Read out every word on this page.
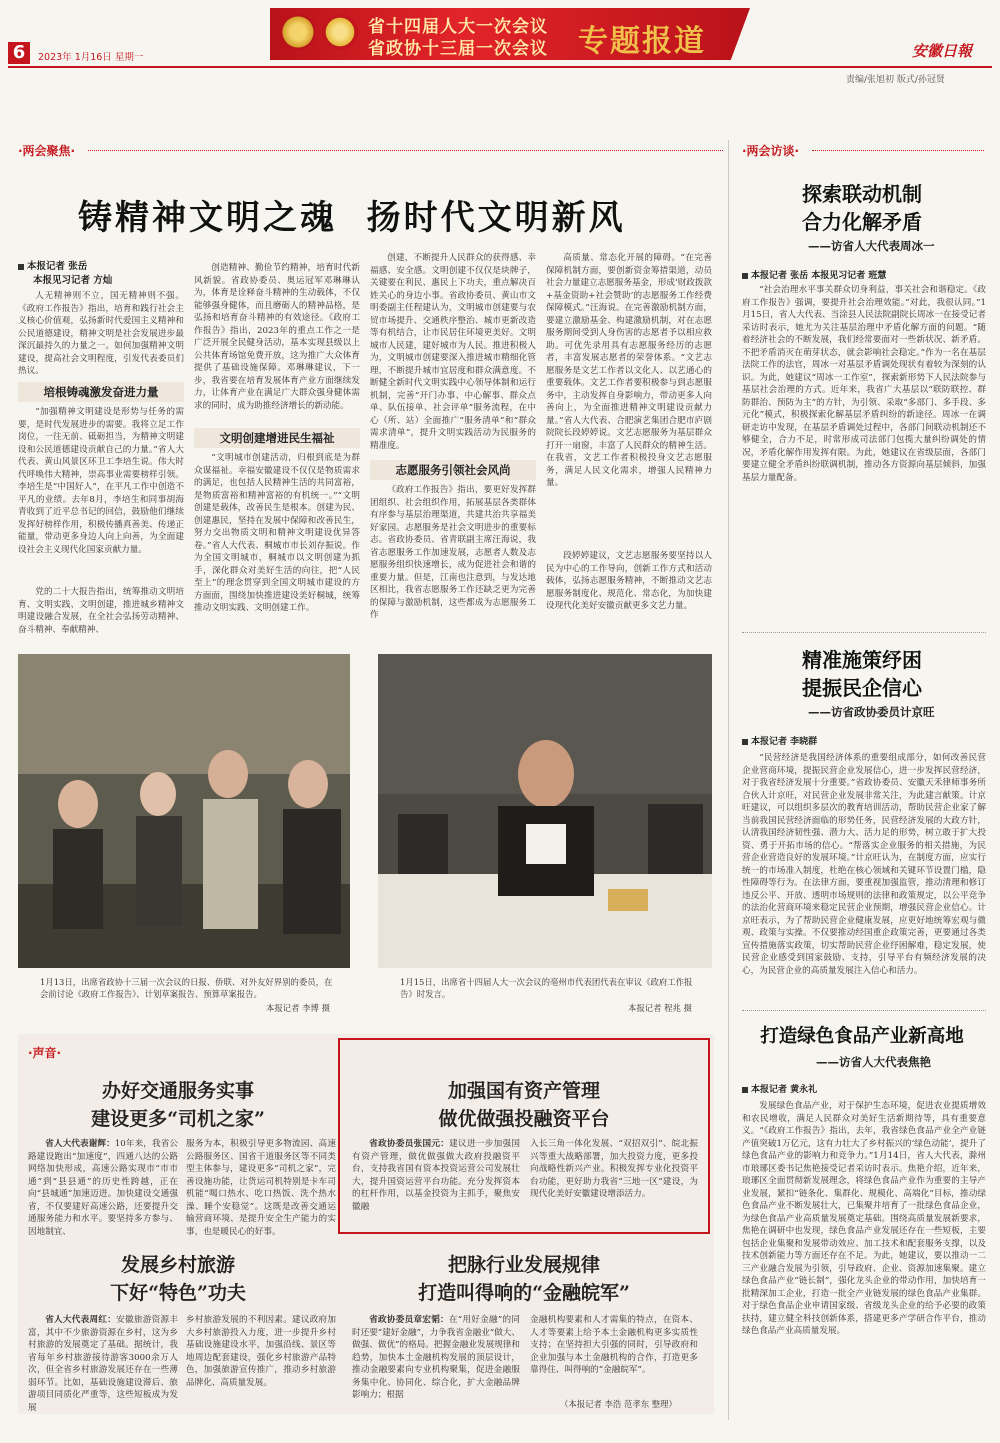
6	2023年 1月16日 星期一
省十四届人大一次会议
省政协十三届一次会议 专题报道	安徽日報
责编/张旭初 版式/孙冠贤
·两会聚焦·
铸精神文明之魂  扬时代文明新风
本报记者 张岳
本报见习记者 方灿
人无精神则不立，国无精神则不强。《政府工作报告》指出，培育和践行社会主义核心价值观，弘扬新时代爱国主义精神和公民道德建设，精神文明是社会发展进步最深沉最持久的力量之一。如何加强精神文明建设，提高社会文明程度，引发代表委员们热议。
培根铸魂激发奋进力量
“加强精神文明建设是形势与任务的需要，是时代发展进步的需要。我将立足工作岗位，一往无前、砥砺担当，为精神文明建设和公民道德建设贡献自己的力量。”省人大代表、黄山风景区环卫工李培生说。伟大时代呼唤伟大精神，崇高事业需要榜样引领。李培生是“中国好人”，在平凡工作中创造不平凡的业绩。去年8月，李培生和同事胡海青收到了近平总书记的回信，鼓励他们继续发挥好榜样作用，积极传播真善美、传递正能量，带动更多身边人向上向善，为全面建设社会主义现代化国家贡献力量。
党的二十大报告指出，统筹推动文明培育、文明实践、文明创建，推进城乡精神文明建设融合发展，在全社会弘扬劳动精神、奋斗精神、奉献精神、
创造精神、勤俭节约精神，培育时代新风新貌。省政协委员、奥运冠军邓琳琳认为，体育是诠释奋斗精神的生动载体，不仅能够强身健体，而且磨砺人的精神品格，是弘扬和培育奋斗精神的有效途径。《政府工作报告》指出，2023年的重点工作之一是广泛开展全民健身活动，基本实现县级以上公共体育场馆免费开放，这为推广大众体育提供了基础设施保障。邓琳琳建议，下一步，我省要在培育发展体育产业方面继续发力，让体育产业在满足广大群众强身健体需求的同时，成为助推经济增长的新动能。
文明创建增进民生福祉
“文明城市创建活动，归根到底是为群众谋福祉。幸福安徽建设不仅仅是物质需求的满足，也包括人民精神生活的共同富裕，是物质富裕和精神富裕的有机统一。”“文明创建是载体，改善民生是根本。创建为民、创建惠民，坚持在发展中保障和改善民生，努力交出物质文明和精神文明建设优异答卷。”省人大代表、桐城市市长刘存振说。作为全国文明城市，桐城市以文明创建为抓手，深化群众对美好生活的向往，把“人民至上”的理念贯穿到全国文明城市建设的方方面面，围绕加快推进建设美好桐城，统筹推动文明实践、文明创建工作。
创建，不断提升人民群众的获得感、幸福感、安全感。文明创建不仅仅是块牌子，关键要在利民、惠民上下功夫，重点解决百姓关心的身边小事。省政协委员、黄山市文明委副主任程建认为，文明城市创建要与农贸市场提升、交通秩序整治、城市更新改造等有机结合，让市民居住环境更美好。文明城市人民建，建好城市为人民。推进积极人为，文明城市创建要深入推进城市精细化管理，不断提升城市宜居度和群众满意度。不断健全新时代文明实践中心领导体制和运行机制，完善“开门办事、中心解事、群众点单、队伍接单、社会评单”服务流程，在中心（所、站）全面推广“服务清单”和“群众需求清单”，提升文明实践活动为民服务的精准度。
志愿服务引领社会风尚
《政府工作报告》指出，要更好发挥群团组织、社会组织作用，拓展基层各类群体有序参与基层治理渠道，共建共治共享福美好家园。志愿服务是社会文明进步的重要标志。省政协委员、省青联副主席汪海说，我省志愿服务工作加速发展，志愿者人数及志愿服务组织快速增长，成为促进社会和谐的重要力量。但是，江南也注意到，与发达地区相比，我省志愿服务工作还缺乏更为完善的保障与激励机制，这些都成为志愿服务工作
高质量、常态化开展的障碍。“在完善保障机制方面，要创新资金筹措渠道，动员社会力量建立志愿服务基金，形成‘财政拨款+基金资助+社会赞助’的志愿服务工作经费保障模式。”汪海说。在完善激励机制方面，要建立激励基金、构建激励机制，对在志愿服务期间受到人身伤害的志愿者予以相应救助。可优先录用具有志愿服务经历的志愿者，丰富发展志愿者的荣誉体系。“文艺志愿服务是文艺工作者以文化人、以艺通心的重要载体。文艺工作者要积极参与到志愿服务中，主动发挥自身影响力，带动更多人向善向上，为全面推进精神文明建设贡献力量。”省人大代表、合肥演艺集团合肥市庐剧院院长段婷婷说。文艺志愿服务为基层群众打开一扇窗，丰富了人民群众的精神生活。在我省，文艺工作者积极投身文艺志愿服务，满足人民文化需求，增强人民精神力量。
段婷婷建议，文艺志愿服务要坚持以人民为中心的工作导向，创新工作方式和活动载体，弘扬志愿服务精神，不断推动文艺志愿服务制度化、规范化、常态化，为加快建设现代化美好安徽贡献更多文艺力量。
1月13日，出席省政协十三届一次会议的日报、侨联、对外友好界别的委员，在会前讨论《政府工作报告》、计划草案报告、预算草案报告。
本报记者 李博 摄
1月15日，出席省十四届人大一次会议的亳州市代表团代表在审议《政府工作报告》时发言。
本报记者 程兆 摄
·声音·
办好交通服务实事
建设更多“司机之家”
省人大代表谢辉：10年来，我省公路建设跑出“加速度”，四通八达的公路网络加快形成，高速公路实现市“市市通”到“县县通”的历史性跨越，正在向“县城通”加速迈进。加快建设交通强省，不仅要建好高速公路，还要提升交通服务能力和水平。要坚持多方参与、因地制宜、
服务为本，积极引导更多物流园、高速公路服务区、国省干道服务区等不同类型主体参与，建设更多“司机之家”，完善设施功能，让货运司机特别是卡车司机能“喝口热水、吃口热饭、洗个热水澡、睡个安稳觉”。这既是改善交通运输营商环境、是提升安全生产能力的实事，也是暖民心的好事。
加强国有资产管理
做优做强投融资平台
省政协委员张国元：建议进一步加强国有资产管理，做优做强做大政府投融资平台，支持我省国有资本投资运营公司发展壮大，提升国资运营平台功能。充分发挥资本的杠杆作用，以基金投资为主抓手，聚焦安徽融
入长三角一体化发展、“双招双引”、皖北振兴等重大战略部署，加大投资力度，更多投向战略性新兴产业。积极发挥专业化投资平台功能，更好助力我省“三地一区”建设，为现代化美好安徽建设增添活力。
发展乡村旅游
下好“特色”功夫
省人大代表周红：安徽旅游资源丰富，其中不少旅游资源在乡村，这为乡村旅游的发展奠定了基础。据统计，我省每年乡村旅游接待游客3000余万人次，但全省乡村旅游发展还存在一些薄弱环节。比如，基础设施建设滞后、旅游项目同质化严重等，这些短板成为发展
乡村旅游发展的不利因素。建议政府加大乡村旅游投入力度，进一步提升乡村基础设施建设水平，加强沿线、景区等地周边配套建设，强化乡村旅游产品特色，加强旅游宣传推广，推动乡村旅游品牌化、高质量发展。
把脉行业发展规律
打造叫得响的“金融皖军”
省政协委员章宏韬：在“用好金融”的同时还要“建好金融”，力争我省金融业“做大、做强、做优”的格局。把握金融业发展规律和趋势，加快本土金融机构发展的顶层设计，推动金融要素向专业机构聚集，促进金融服务集中化、协同化、综合化，扩大金融品牌影响力；根据
金融机构要素和人才需集的特点，在资本、人才等要素上给予本土金融机构更多实质性支持；在坚持担大引强的同时，引导政府和企业加强与本土金融机构的合作，打造更多靠得住、叫得响的“金融皖军”。
（本报记者 李浩 范孝东 整理）
·两会访谈·
探索联动机制
合力化解矛盾
——访省人大代表周冰一
本报记者 张岳 本报见习记者 班慧
“社会治理水平事关群众切身利益，事关社会和谐稳定。《政府工作报告》强调，要提升社会治理效能。”对此，我很认同。”1月15日，省人大代表、当涂县人民法院副院长周冰一在接受记者采访时表示，她尤为关注基层治理中矛盾化解方面的问题。“随着经济社会的不断发展，我们经常要面对一些新状况、新矛盾。不把矛盾消灭在萌芽状态，就会影响社会稳定。”作为一名在基层法院工作的法官，周冰一对基层矛盾调处现状有着较为深刻的认识。为此，她建议“周冰一工作室”，探索新形势下人民法院参与基层社会治理的方式。近年来，我省广大基层以“联防联控、群防群治、预防为主”的方针，为引领、采取“多部门、多手段、多元化”模式，积极探索化解基层矛盾纠纷的新途径。周冰一在调研走访中发现，在基层矛盾调处过程中，各部门间联动机制还不够健全，合力不足，时常形成司法部门包揽大量纠纷调处的情况，矛盾化解作用发挥有限。为此，她建议在省级层面，各部门要建立健全矛盾纠纷联调机制，推动各方资源向基层倾斜，加强基层力量配备。
精准施策纾困
提振民企信心
——访省政协委员计京旺
本报记者 李晓群
“民营经济是我国经济体系的重要组成部分，如何改善民营企业营商环境，提振民营企业发展信心，进一步发挥民营经济，对于我省经济发展十分重要。”省政协委员、安徽天禾律师事务所合伙人计京旺，对民营企业发展非常关注，为此建言献策。计京旺建议，可以组织多层次的教育培训活动，帮助民营企业家了解当前我国民营经济面临的形势任务，民营经济发展的大政方针，认清我国经济韧性强、潜力大、活力足的形势，树立敢于扩大投资、勇于开拓市场的信心。“帮落实企业服务的相关措施，为民营企业营造良好的发展环境。”计京旺认为，在制度方面，应实行统一的市场准入制度，杜绝在核心领域和关键环节设置门槛，隐性障碍等行为。在法律方面，要重视加强监管，推动清理和修订违反公平、开放、透明市场规则的法律和政策规定，以公平竞争的法治化营商环境来稳定民营企业预期，增强民营企业信心。计京旺表示，为了帮助民营企业健康发展，应更好地统筹宏观与微观、政策与实操。不仅要推动经国重企政策完善，更要通过各类宣传措施落实政策，切实帮助民营企业纾困解难，稳定发展，使民营企业感受到国家鼓励、支持，引导平台有频经济发展的决心，为民营企业的高质量发展注入信心和活力。
打造绿色食品产业新高地
——访省人大代表焦艳
本报记者 黄永礼
发展绿色食品产业，对于保护生态环境，促进农业提质增效和农民增收，满足人民群众对美好生活新期待等，具有重要意义。“《政府工作报告》指出，去年，我省绿色食品产业全产业链产值突破1万亿元，这有力壮大了乡村振兴的‘绿色动能’，提升了绿色食品产业的影响力和竞争力。”1月14日，省人大代表，滁州市琅琊区委书记焦艳接受记者采访时表示。焦艳介绍，近年来，琅琊区全面贯彻新发展理念，将绿色食品产业作为重要的主导产业发展，紧扣“链条化、集群化、规模化、高端化”目标，推动绿色食品产业不断发展壮大，已集聚并培育了一批绿色食品企业，为绿色食品产业高质量发展奠定基础。围绕高质量发展新要求，焦艳在调研中也发现，绿色食品产业发展还存在一些短板，主要包括企业集聚和发展带动效应、加工技术和配套服务支撑，以及技术创新能力等方面还存在不足。为此，她建议，要以推动一二三产业融合发展为引领，引导政府、企业、资源加速集聚。建立绿色食品产业“链长制”，强化龙头企业的带动作用，加快培育一批精深加工企业，打造一批全产业链发展的绿色食品产业集群。对于绿色食品企业申请国家级、省级龙头企业的给予必要的政策扶持，建立健全科技创新体系，搭建更多产学研合作平台，推动绿色食品产业高质量发展。
